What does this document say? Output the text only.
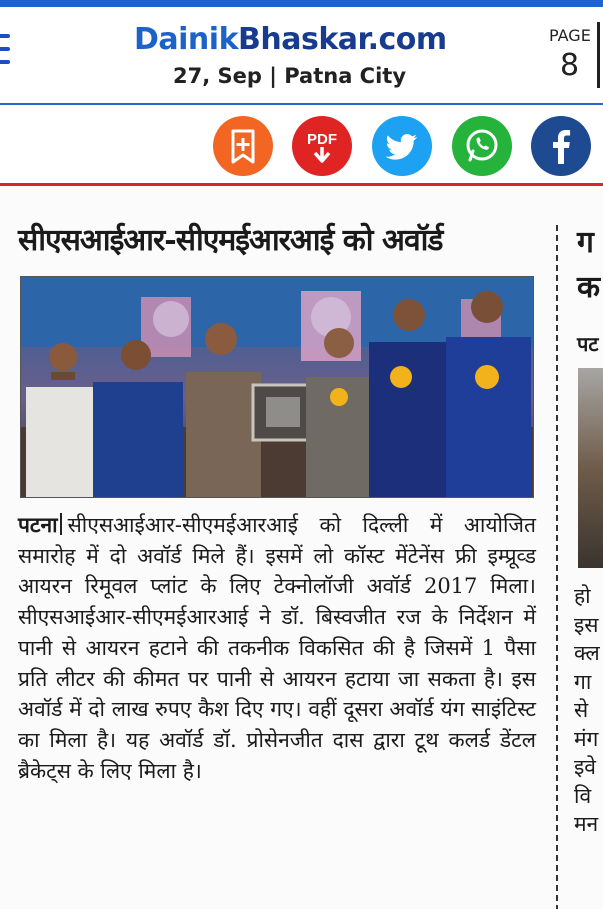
DainikBhaskar.com
27, Sep | Patna City
PAGE
8
PDF
सीएसआईआर-सीएमईआरआई को अवॉर्ड
पटना सीएसआईआर-सीएमईआरआई को दिल्ली में आयोजित समारोह में दो अवॉर्ड मिले हैं। इसमें लो कॉस्ट मेंटेनेंस फ्री इम्प्रूव्ड आयरन रिमूवल प्लांट के लिए टेक्नोलॉजी अवॉर्ड 2017 मिला। सीएसआईआर-सीएमईआरआई ने डॉ. बिस्वजीत रज के निर्देशन में पानी से आयरन हटाने की तकनीक विकसित की है जिसमें 1 पैसा प्रति लीटर की कीमत पर पानी से आयरन हटाया जा सकता है। इस अवॉर्ड में दो लाख रुपए कैश दिए गए। वहीं दूसरा अवॉर्ड यंग साइंटिस्ट का मिला है। यह अवॉर्ड डॉ. प्रोसेनजीत दास द्वारा टूथ कलर्ड डेंटल ब्रैकेट्स के लिए मिला है।
ग
क
पट
हो
इस
क्ल
गा
से
मंग
इवे
वि
मन
